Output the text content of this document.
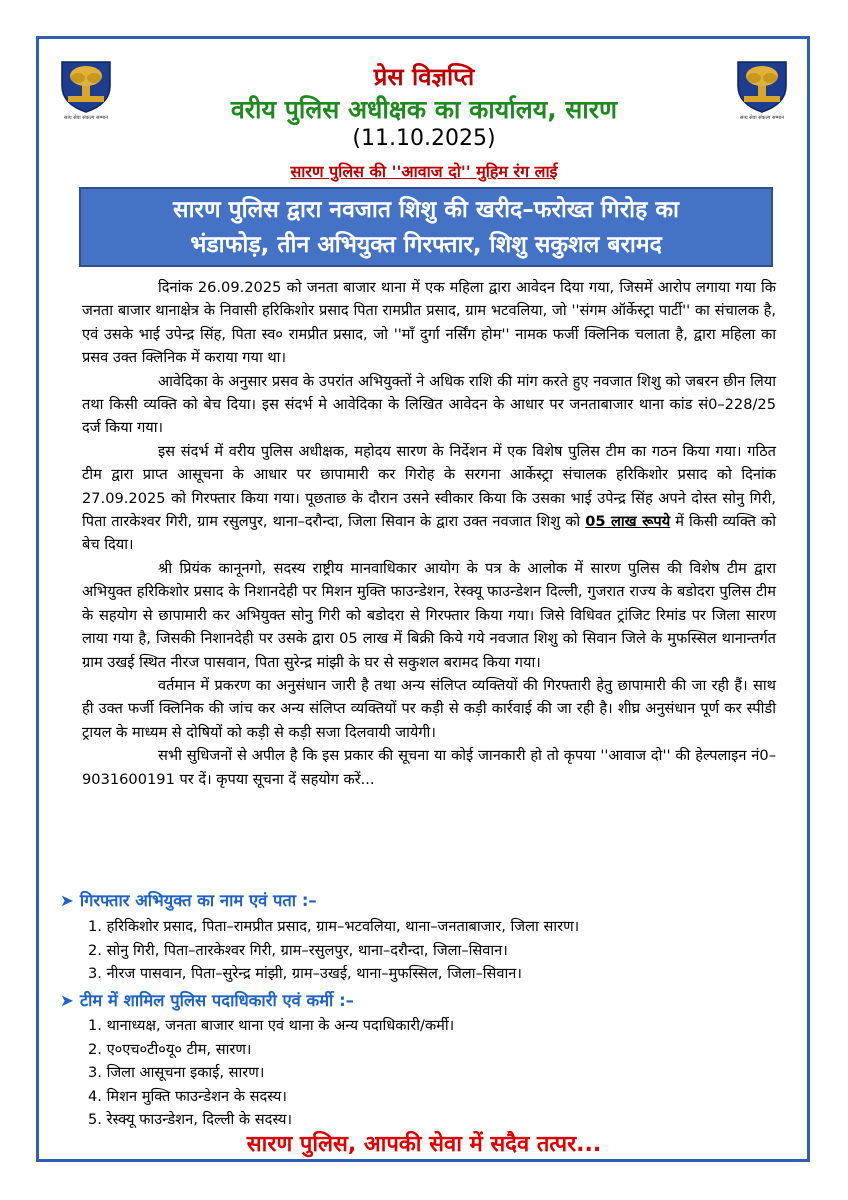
सत्य सेवा संकल्प सम्मान	सत्य सेवा संकल्प सम्मान
प्रेस विज्ञप्ति
वरीय पुलिस अधीक्षक का कार्यालय, सारण
(11.10.2025)
सारण पुलिस की ''आवाज दो'' मुहिम रंग लाई
सारण पुलिस द्वारा नवजात शिशु की खरीद–फरोख्त गिरोह का
भंडाफोड़, तीन अभियुक्त गिरफ्तार, शिशु सकुशल बरामद

दिनांक 26.09.2025 को जनता बाजार थाना में एक महिला द्वारा आवेदन दिया गया, जिसमें आरोप लगाया गया कि जनता बाजार थानाक्षेत्र के निवासी हरिकिशोर प्रसाद पिता रामप्रीत प्रसाद, ग्राम भटवलिया, जो ''संगम ऑर्केस्ट्रा पार्टी'' का संचालक है, एवं उसके भाई उपेन्द्र सिंह, पिता स्व० रामप्रीत प्रसाद, जो ''माँ दुर्गा नर्सिंग होम'' नामक फर्जी क्लिनिक चलाता है, द्वारा महिला का प्रसव उक्त क्लिनिक में कराया गया था।

आवेदिका के अनुसार प्रसव के उपरांत अभियुक्तों ने अधिक राशि की मांग करते हुए नवजात शिशु को जबरन छीन लिया तथा किसी व्यक्ति को बेच दिया। इस संदर्भ मे आवेदिका के लिखित आवेदन के आधार पर जनताबाजार थाना कांड सं0–228/25 दर्ज किया गया।

इस संदर्भ में वरीय पुलिस अधीक्षक, महोदय सारण के निर्देशन में एक विशेष पुलिस टीम का गठन किया गया। गठित टीम द्वारा प्राप्त आसूचना के आधार पर छापामारी कर गिरोह के सरगना आर्केस्ट्रा संचालक हरिकिशोर प्रसाद को दिनांक 27.09.2025 को गिरफ्तार किया गया। पूछताछ के दौरान उसने स्वीकार किया कि उसका भाई उपेन्द्र सिंह अपने दोस्त सोनु गिरी, पिता तारकेश्वर गिरी, ग्राम रसुलपुर, थाना–दरौन्दा, जिला सिवान के द्वारा उक्त नवजात शिशु को 05 लाख रूपये में किसी व्यक्ति को बेच दिया।

श्री प्रियंक कानूनगो, सदस्य राष्ट्रीय मानवाधिकार आयोग के पत्र के आलोक में सारण पुलिस की विशेष टीम द्वारा अभियुक्त हरिकिशोर प्रसाद के निशानदेही पर मिशन मुक्ति फाउन्डेशन, रेस्क्यू फाउन्डेशन दिल्ली, गुजरात राज्य के बडोदरा पुलिस टीम के सहयोग से छापामारी कर अभियुक्त सोनु गिरी को बडोदरा से गिरफ्तार किया गया। जिसे विधिवत ट्रांजिट रिमांड पर जिला सारण लाया गया है, जिसकी निशानदेही पर उसके द्वारा 05 लाख में बिक्री किये गये नवजात शिशु को सिवान जिले के मुफस्सिल थानान्तर्गत ग्राम उखई स्थित नीरज पासवान, पिता सुरेन्द्र मांझी के घर से सकुशल बरामद किया गया।

वर्तमान में प्रकरण का अनुसंधान जारी है तथा अन्य संलिप्त व्यक्तियों की गिरफ्तारी हेतु छापामारी की जा रही हैं। साथ ही उक्त फर्जी क्लिनिक की जांच कर अन्य संलिप्त व्यक्तियों पर कड़ी से कड़ी कार्रवाई की जा रही है। शीघ्र अनुसंधान पूर्ण कर स्पीडी ट्रायल के माध्यम से दोषियों को कड़ी से कड़ी सजा दिलवायी जायेगी।

सभी सुधिजनों से अपील है कि इस प्रकार की सूचना या कोई जानकारी हो तो कृपया ''आवाज दो'' की हेल्पलाइन नं0–9031600191 पर दें। कृपया सूचना दें सहयोग करें...

➤ गिरफ्तार अभियुक्त का नाम एवं पता :–
1. हरिकिशोर प्रसाद, पिता–रामप्रीत प्रसाद, ग्राम–भटवलिया, थाना–जनताबाजार, जिला सारण।
2. सोनु गिरी, पिता–तारकेश्वर गिरी, ग्राम–रसुलपुर, थाना–दरौन्दा, जिला–सिवान।
3. नीरज पासवान, पिता–सुरेन्द्र मांझी, ग्राम–उखई, थाना–मुफस्सिल, जिला–सिवान।
➤ टीम में शामिल पुलिस पदाधिकारी एवं कर्मी :–
1. थानाध्यक्ष, जनता बाजार थाना एवं थाना के अन्य पदाधिकारी/कर्मी।
2. ए०एच०टी०यू० टीम, सारण।
3. जिला आसूचना इकाई, सारण।
4. मिशन मुक्ति फाउन्डेशन के सदस्य।
5. रेस्क्यू फाउन्डेशन, दिल्ली के सदस्य।
सारण पुलिस, आपकी सेवा में सदैव तत्पर...
